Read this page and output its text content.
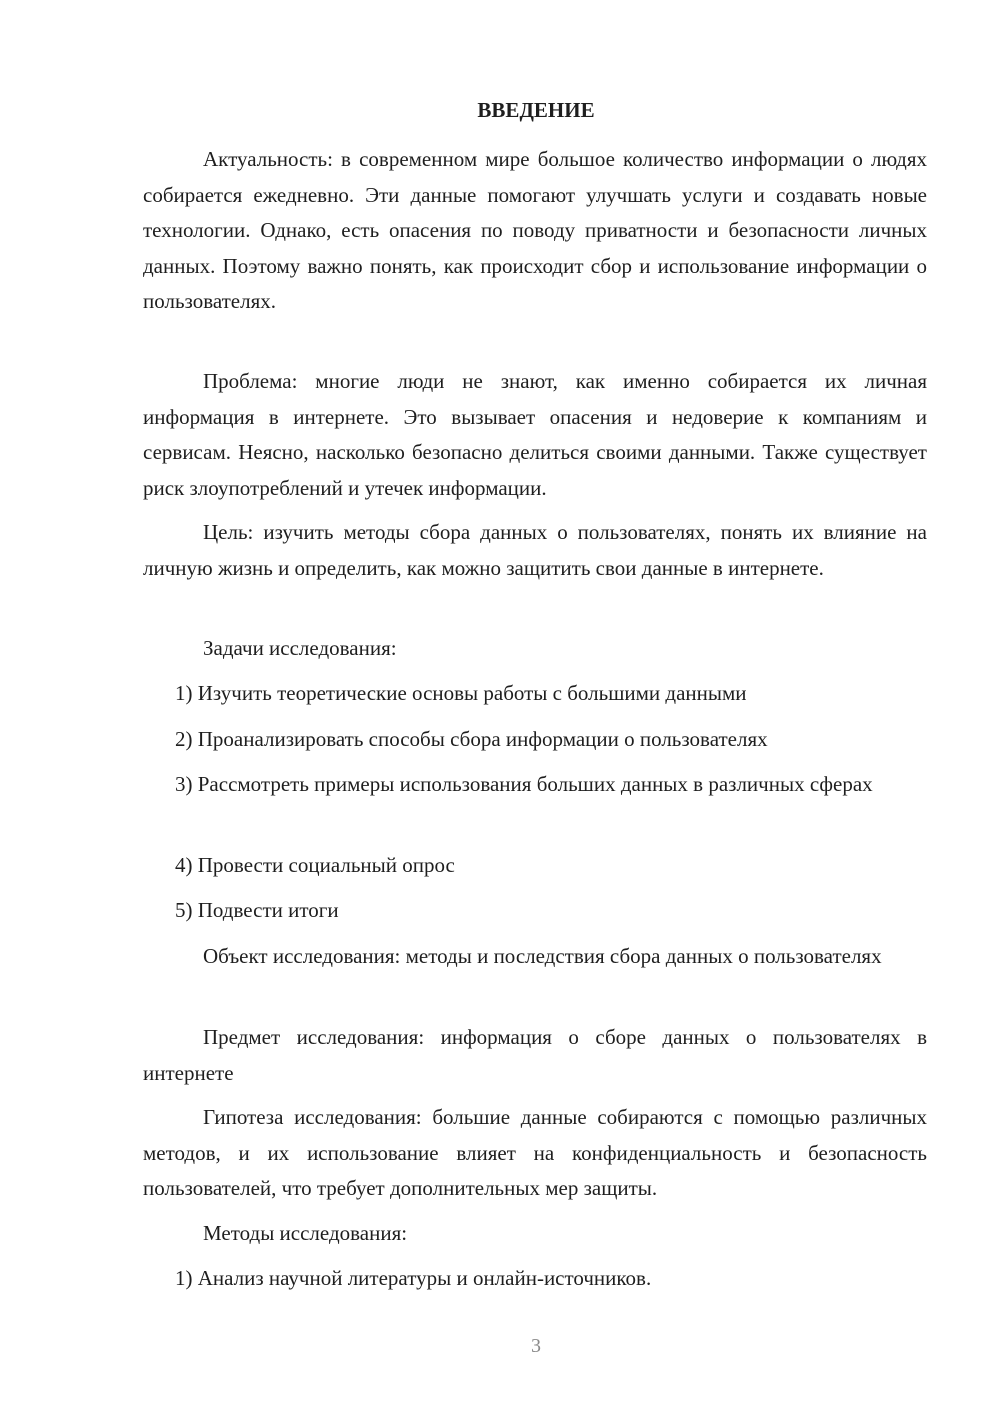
ВВЕДЕНИЕ

Актуальность: в современном мире большое количество информации о людях собирается ежедневно. Эти данные помогают улучшать услуги и создавать новые технологии. Однако, есть опасения по поводу приватности и безопасности личных данных. Поэтому важно понять, как происходит сбор и использование информации о пользователях.

Проблема: многие люди не знают, как именно собирается их личная информация в интернете. Это вызывает опасения и недоверие к компаниям и сервисам. Неясно, насколько безопасно делиться своими данными. Также существует риск злоупотреблений и утечек информации.

Цель: изучить методы сбора данных о пользователях, понять их влияние на личную жизнь и определить, как можно защитить свои данные в интернете.

Задачи исследования:

1) Изучить теоретические основы работы с большими данными

2) Проанализировать способы сбора информации о пользователях

3) Рассмотреть примеры использования больших данных в различных сферах

4) Провести социальный опрос

5) Подвести итоги

Объект исследования: методы и последствия сбора данных о пользователях

Предмет исследования: информация о сборе данных о пользователях в интернете

Гипотеза исследования: большие данные собираются с помощью различных методов, и их использование влияет на конфиденциальность и безопасность пользователей, что требует дополнительных мер защиты.

Методы исследования:

1) Анализ научной литературы и онлайн-источников.

3
